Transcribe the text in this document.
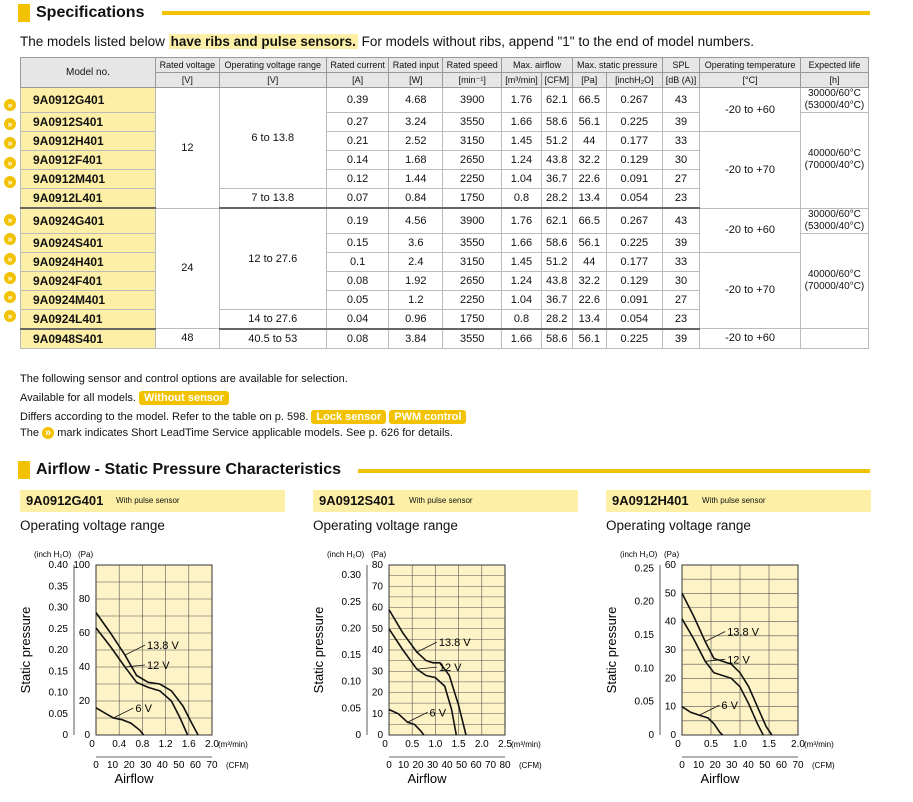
Specifications
The models listed below have ribs and pulse sensors. For models without ribs, append "1" to the end of model numbers.
»
»
»
»
»
»
»
»
»
»
»
Model no.	Rated voltage	Operating voltage range	Rated current	Rated input	Rated speed	Max. airflow		Max. static pressure		SPL	Operating temperature	Expected life
	[V]	[V]	[A]	[W]	[min⁻¹]	[m³/min]	[CFM]	[Pa]	[inchH₂O]	[dB (A)]	[°C]	[h]
9A0912G401	12	6 to 13.8	0.39	4.68	3900	1.76	62.1	66.5	0.267	43	-20 to +60	30000/60°C
(53000/40°C)
9A0912S401			0.27	3.24	3550	1.66	58.6	56.1	0.225	39		40000/60°C
(70000/40°C)
9A0912H401			0.21	2.52	3150	1.45	51.2	44	0.177	33	-20 to +70	
9A0912F401			0.14	1.68	2650	1.24	43.8	32.2	0.129	30		
9A0912M401			0.12	1.44	2250	1.04	36.7	22.6	0.091	27		
9A0912L401		7 to 13.8	0.07	0.84	1750	0.8	28.2	13.4	0.054	23		
9A0924G401	24	12 to 27.6	0.19	4.56	3900	1.76	62.1	66.5	0.267	43	-20 to +60	30000/60°C
(53000/40°C)
9A0924S401			0.15	3.6	3550	1.66	58.6	56.1	0.225	39		40000/60°C
(70000/40°C)
9A0924H401			0.1	2.4	3150	1.45	51.2	44	0.177	33	-20 to +70	
9A0924F401			0.08	1.92	2650	1.24	43.8	32.2	0.129	30		
9A0924M401			0.05	1.2	2250	1.04	36.7	22.6	0.091	27		
9A0924L401		14 to 27.6	0.04	0.96	1750	0.8	28.2	13.4	0.054	23		
9A0948S401	48	40.5 to 53	0.08	3.84	3550	1.66	58.6	56.1	0.225	39	-20 to +60	
The following sensor and control options are available for selection.
Available for all models. Without sensor
Differs according to the model. Refer to the table on p. 598. Lock sensor PWM control
The » mark indicates Short LeadTime Service applicable models. See p. 626 for details.
Airflow - Static Pressure Characteristics
9A0912G401 With pulse sensor
Operating voltage range
0
20
40
60
80
100
0
0.05
0.10
0.15
0.20
0.25
0.30
0.35
0.40
(inch H₂O) (Pa)
Static pressure
0.4 0.8 1.2 1.6 2.0
0	(m³/min)
0 10 20 30 40 50 60 70 (CFM)
Airflow
13.8 V
12 V
6 V
9A0912S401 With pulse sensor
Operating voltage range
0
10
20
30
40
50
60
70
80
0
0.05
0.10
0.15
0.20
0.25
0.30
(inch H₂O) (Pa)
Static pressure
0.5 1.0 1.5 2.0 2.5
0	(m³/min)
0 10 20 30 40 50 60 70 80 (CFM)
Airflow
13.8 V
12 V
6 V
9A0912H401 With pulse sensor
Operating voltage range
0
10
20
30
40
50
60
0
0.05
0.10
0.15
0.20
0.25
(inch H₂O) (Pa)
Static pressure
0.5 1.0 1.5 2.0
0	(m³/min)
0 10 20 30 40 50 60 70 (CFM)
Airflow
13.8 V
12 V
6 V
